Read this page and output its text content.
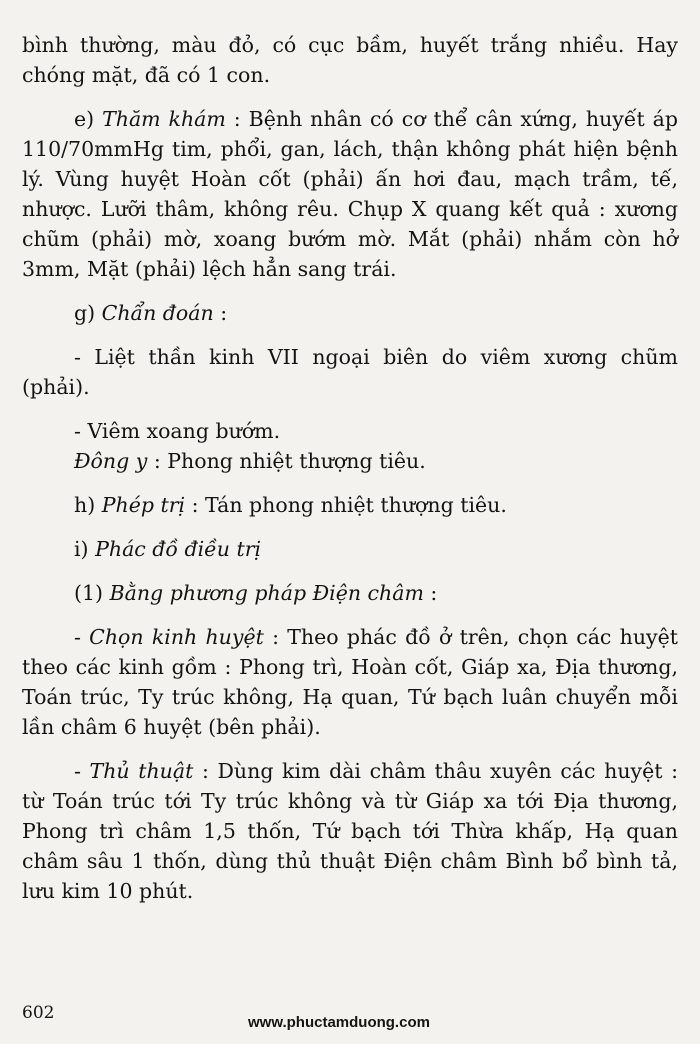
bình thường, màu đỏ, có cục bầm, huyết trắng nhiều. Hay chóng mặt, đã có 1 con.

e) Thăm khám : Bệnh nhân có cơ thể cân xứng, huyết áp 110/70mmHg tim, phổi, gan, lách, thận không phát hiện bệnh lý. Vùng huyệt Hoàn cốt (phải) ấn hơi đau, mạch trầm, tế, nhược. Lưỡi thâm, không rêu. Chụp X quang kết quả : xương chũm (phải) mờ, xoang bướm mờ. Mắt (phải) nhắm còn hở 3mm, Mặt (phải) lệch hẳn sang trái.

g) Chẩn đoán :

- Liệt thần kinh VII ngoại biên do viêm xương chũm (phải).

- Viêm xoang bướm.

Đông y : Phong nhiệt thượng tiêu.

h) Phép trị : Tán phong nhiệt thượng tiêu.

i) Phác đồ điều trị

(1) Bằng phương pháp Điện châm :

- Chọn kinh huyệt : Theo phác đồ ở trên, chọn các huyệt theo các kinh gồm : Phong trì, Hoàn cốt, Giáp xa, Địa thương, Toán trúc, Ty trúc không, Hạ quan, Tứ bạch luân chuyển mỗi lần châm 6 huyệt (bên phải).

- Thủ thuật : Dùng kim dài châm thâu xuyên các huyệt : từ Toán trúc tới Ty trúc không và từ Giáp xa tới Địa thương, Phong trì châm 1,5 thốn, Tứ bạch tới Thừa khấp, Hạ quan châm sâu 1 thốn, dùng thủ thuật Điện châm Bình bổ bình tả, lưu kim 10 phút.

602	www.phuctamduong.com
